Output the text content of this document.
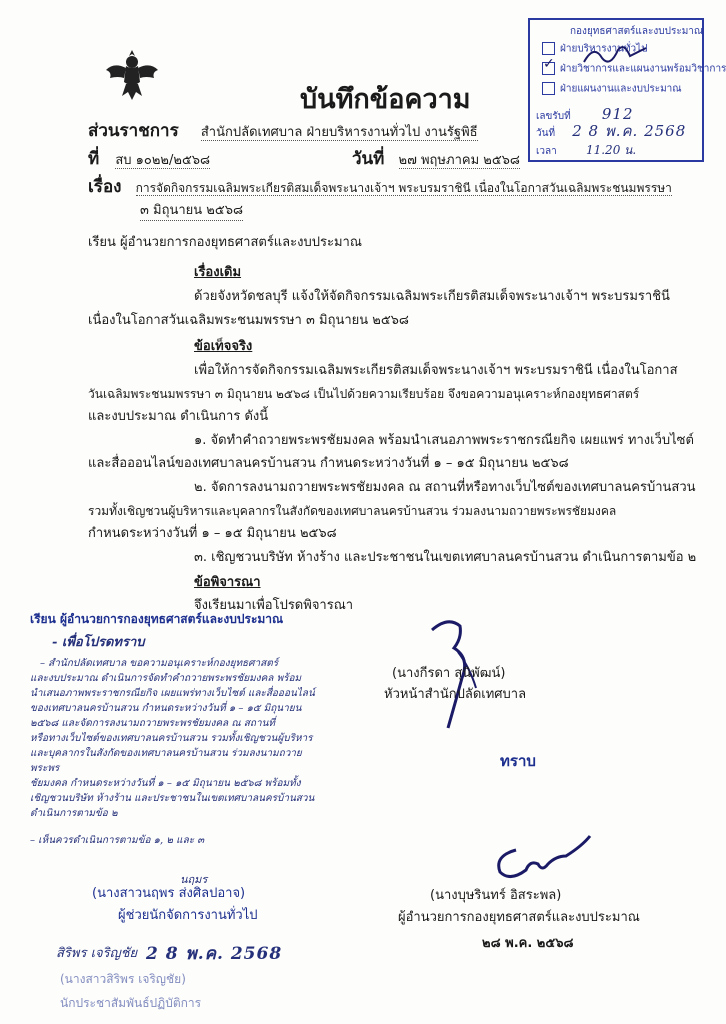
บันทึกข้อความ
กองยุทธศาสตร์และงบประมาณ
ฝ่ายบริหารงานทั่วไป
✓ฝ่ายวิชาการและแผนงานพร้อมวิชาการ
ฝ่ายแผนงานและงบประมาณ
เลขรับที่ 912
วันที่ 2 8 พ.ค. 2568
เวลา 11.20 น.
ส่วนราชการ สำนักปลัดเทศบาล ฝ่ายบริหารงานทั่วไป งานรัฐพิธี
ที่ สบ ๑๐๒๒/๒๕๖๘	วันที่ ๒๗ พฤษภาคม ๒๕๖๘
เรื่อง การจัดกิจกรรมเฉลิมพระเกียรติสมเด็จพระนางเจ้าฯ พระบรมราชินี เนื่องในโอกาสวันเฉลิมพระชนมพรรษา
๓ มิถุนายน ๒๕๖๘
เรียน ผู้อำนวยการกองยุทธศาสตร์และงบประมาณ
เรื่องเดิม
ด้วยจังหวัดชลบุรี แจ้งให้จัดกิจกรรมเฉลิมพระเกียรติสมเด็จพระนางเจ้าฯ พระบรมราชินี
เนื่องในโอกาสวันเฉลิมพระชนมพรรษา ๓ มิถุนายน ๒๕๖๘
ข้อเท็จจริง
เพื่อให้การจัดกิจกรรมเฉลิมพระเกียรติสมเด็จพระนางเจ้าฯ พระบรมราชินี เนื่องในโอกาส
วันเฉลิมพระชนมพรรษา ๓ มิถุนายน ๒๕๖๘ เป็นไปด้วยความเรียบร้อย จึงขอความอนุเคราะห์กองยุทธศาสตร์
และงบประมาณ ดำเนินการ ดังนี้
๑. จัดทำคำถวายพระพรชัยมงคล พร้อมนำเสนอภาพพระราชกรณียกิจ เผยแพร่ ทางเว็บไซต์
และสื่อออนไลน์ของเทศบาลนครบ้านสวน กำหนดระหว่างวันที่ ๑ – ๑๕ มิถุนายน ๒๕๖๘
๒. จัดการลงนามถวายพระพรชัยมงคล ณ สถานที่หรือทางเว็บไซต์ของเทศบาลนครบ้านสวน
รวมทั้งเชิญชวนผู้บริหารและบุคลากรในสังกัดของเทศบาลนครบ้านสวน ร่วมลงนามถวายพระพรชัยมงคล
กำหนดระหว่างวันที่ ๑ – ๑๕ มิถุนายน ๒๕๖๘
๓. เชิญชวนบริษัท ห้างร้าง และประชาชนในเขตเทศบาลนครบ้านสวน ดำเนินการตามข้อ ๒
ข้อพิจารณา
จึงเรียนมาเพื่อโปรดพิจารณา
เรียน ผู้อำนวยการกองยุทธศาสตร์และงบประมาณ
- เพื่อโปรดทราบ
– สำนักปลัดเทศบาล ขอความอนุเคราะห์กองยุทธศาสตร์
และงบประมาณ ดำเนินการจัดทำคำถวายพระพรชัยมงคล พร้อม
นำเสนอภาพพระราชกรณียกิจ เผยแพร่ทางเว็บไซต์ และสื่อออนไลน์
ของเทศบาลนครบ้านสวน กำหนดระหว่างวันที่ ๑ – ๑๕ มิถุนายน
๒๕๖๘ และจัดการลงนามถวายพระพรชัยมงคล ณ สถานที่
หรือทางเว็บไซต์ของเทศบาลนครบ้านสวน รวมทั้งเชิญชวนผู้บริหาร
และบุคลากรในสังกัดของเทศบาลนครบ้านสวน ร่วมลงนามถวายพระพร
ชัยมงคล กำหนดระหว่างวันที่ ๑ – ๑๕ มิถุนายน ๒๕๖๘ พร้อมทั้ง
เชิญชวนบริษัท ห้างร้าน และประชาชนในเขตเทศบาลนครบ้านสวน
ดำเนินการตามข้อ ๒
– เห็นควรดำเนินการตามข้อ ๑, ๒ และ ๓
นฤมร
(นางสาวนฤพร ส่งศิลปอาจ)
ผู้ช่วยนักจัดการงานทั่วไป
สิริพร เจริญชัย 2 8 พ.ค. 2568
(นางสาวสิริพร เจริญชัย)
นักประชาสัมพันธ์ปฏิบัติการ
(นางกีรดา สุนิพัฒน์)
หัวหน้าสำนักปลัดเทศบาล
ทราบ
(นางบุษรินทร์ อิสระพล)
ผู้อำนวยการกองยุทธศาสตร์และงบประมาณ
๒๘ พ.ค. ๒๕๖๘
